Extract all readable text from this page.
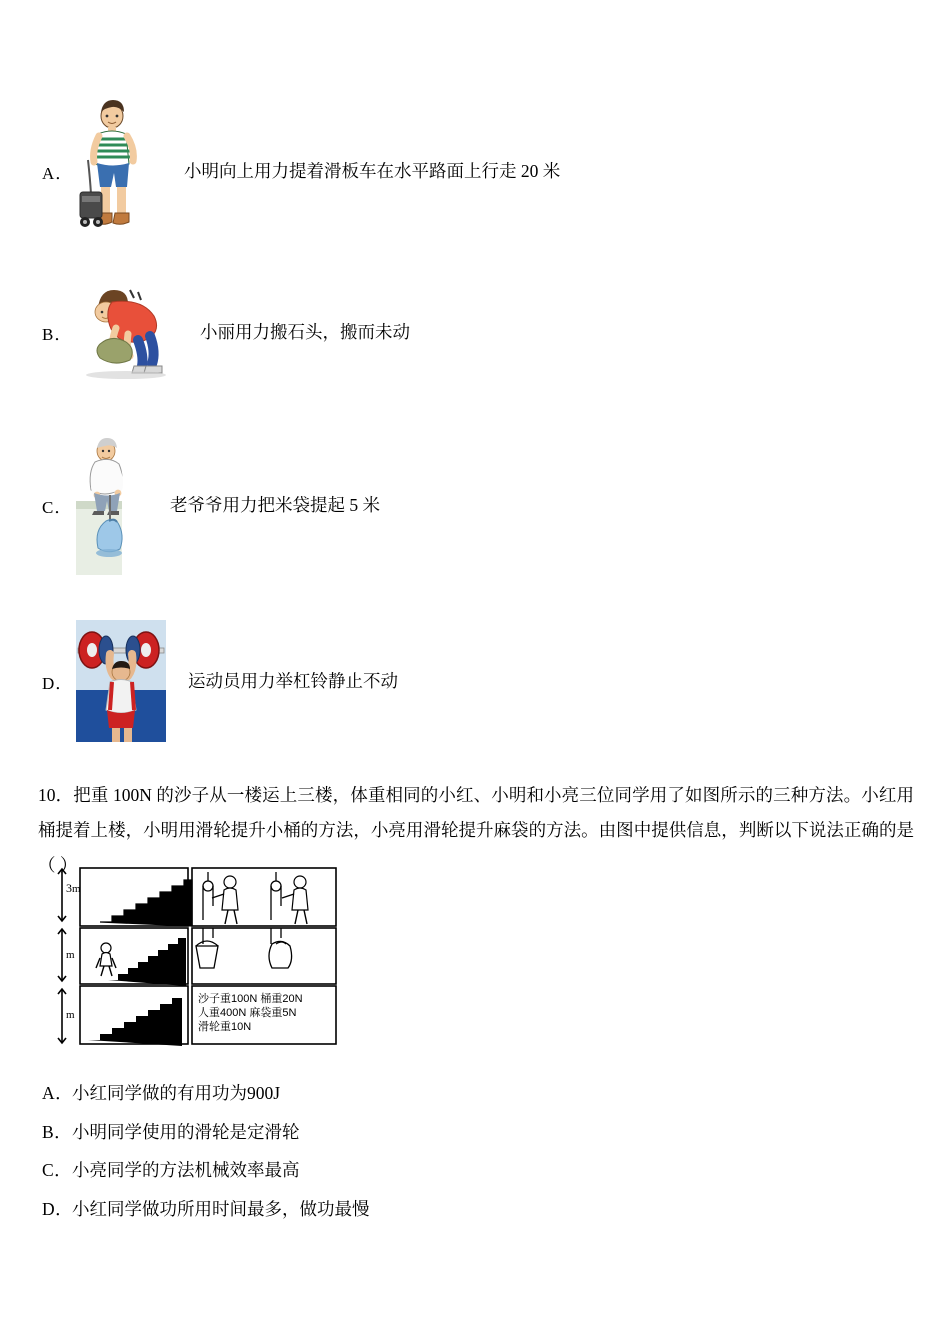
A．	小明向上用力提着滑板车在水平路面上行走 20 米
B．	小丽用力搬石头，搬而未动
C．	老爷爷用力把米袋提起 5 米
D．	运动员用力举杠铃静止不动
10．把重 100N 的沙子从一楼运上三楼，体重相同的小红、小明和小亮三位同学用了如图所示的三种方法。小红用桶提着上楼，小明用滑轮提升小桶的方法，小亮用滑轮提升麻袋的方法。由图中提供信息，判断以下说法正确的是（ ）
3 m
m
m
沙子重100N 桶重20N
人重400N 麻袋重5N
滑轮重10N
A．
小红同学做的有用功为900J
B． 小明同学使用的滑轮是定滑轮
C． 小亮同学的方法机械效率最高
D．
小红同学做功所用时间最多，做功最慢
